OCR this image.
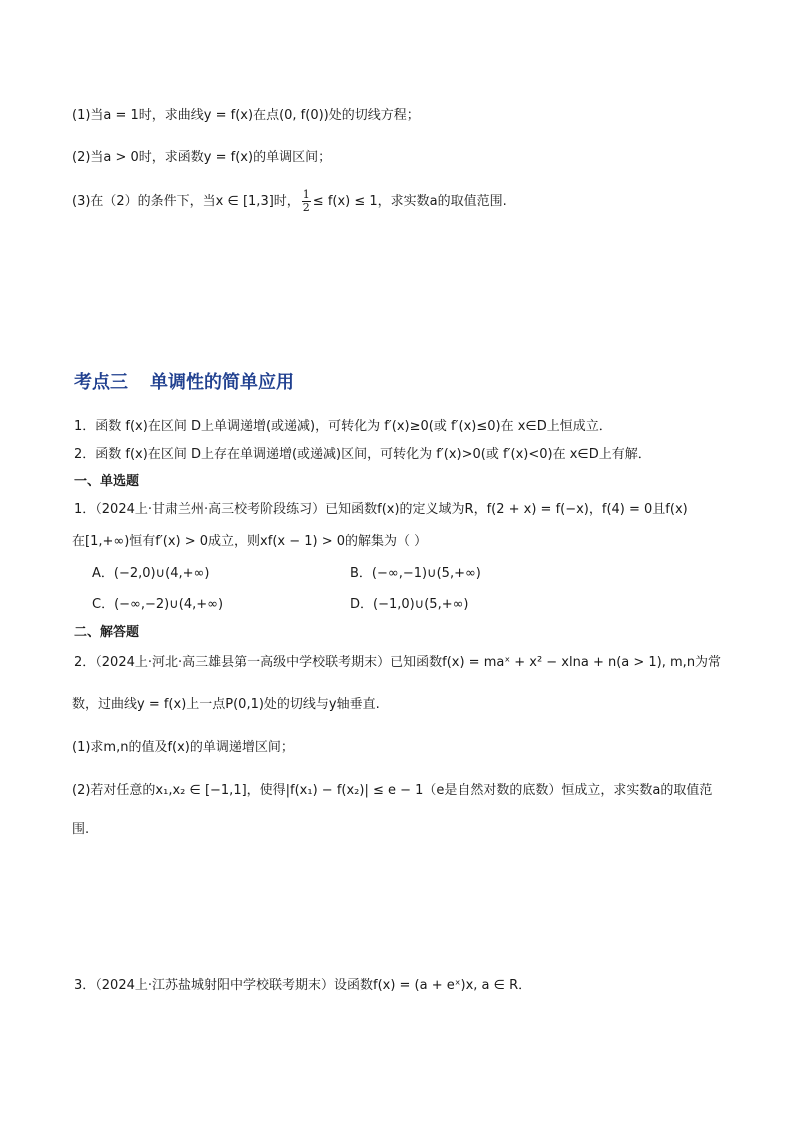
(1)当a = 1时，求曲线y = f(x)在点(0, f(0))处的切线方程；
(2)当a > 0时，求函数y = f(x)的单调区间；
(3)在（2）的条件下，当x ∈ [1,3]时， $\frac{1}{2} \le f(x) \le 1$，求实数a的取值范围.
考点三 单调性的简单应用
1．函数 f(x)在区间 D上单调递增(或递减)，可转化为 f′(x)≥0(或 f′(x)≤0)在 x∈D上恒成立．
2．函数 f(x)在区间 D上存在单调递增(或递减)区间，可转化为 f′(x)>0(或 f′(x)<0)在 x∈D上有解．
一、单选题
1．（2024上·甘肃兰州·高三校考阶段练习）已知函数f(x)的定义域为R，f(2 + x) = f(−x)，f(4) = 0且f(x)
在[1,+∞)恒有f′(x) > 0成立，则xf(x − 1) > 0的解集为（ ）
A．(−2,0)∪(4,+∞)	B．(−∞,−1)∪(5,+∞)
C．(−∞,−2)∪(4,+∞)	D．(−1,0)∪(5,+∞)
二、解答题
2．（2024上·河北·高三雄县第一高级中学校联考期末）已知函数f(x) = maˣ + x² − xlna + n(a > 1), m,n为常
数，过曲线y = f(x)上一点P(0,1)处的切线与y轴垂直.
(1)求m,n的值及f(x)的单调递增区间；
(2)若对任意的x₁,x₂ ∈ [−1,1]，使得|f(x₁) − f(x₂)| ≤ e − 1（e是自然对数的底数）恒成立，求实数a的取值范
围.
3．（2024上·江苏盐城射阳中学校联考期末）设函数f(x) = (a + eˣ)x, a ∈ R．
